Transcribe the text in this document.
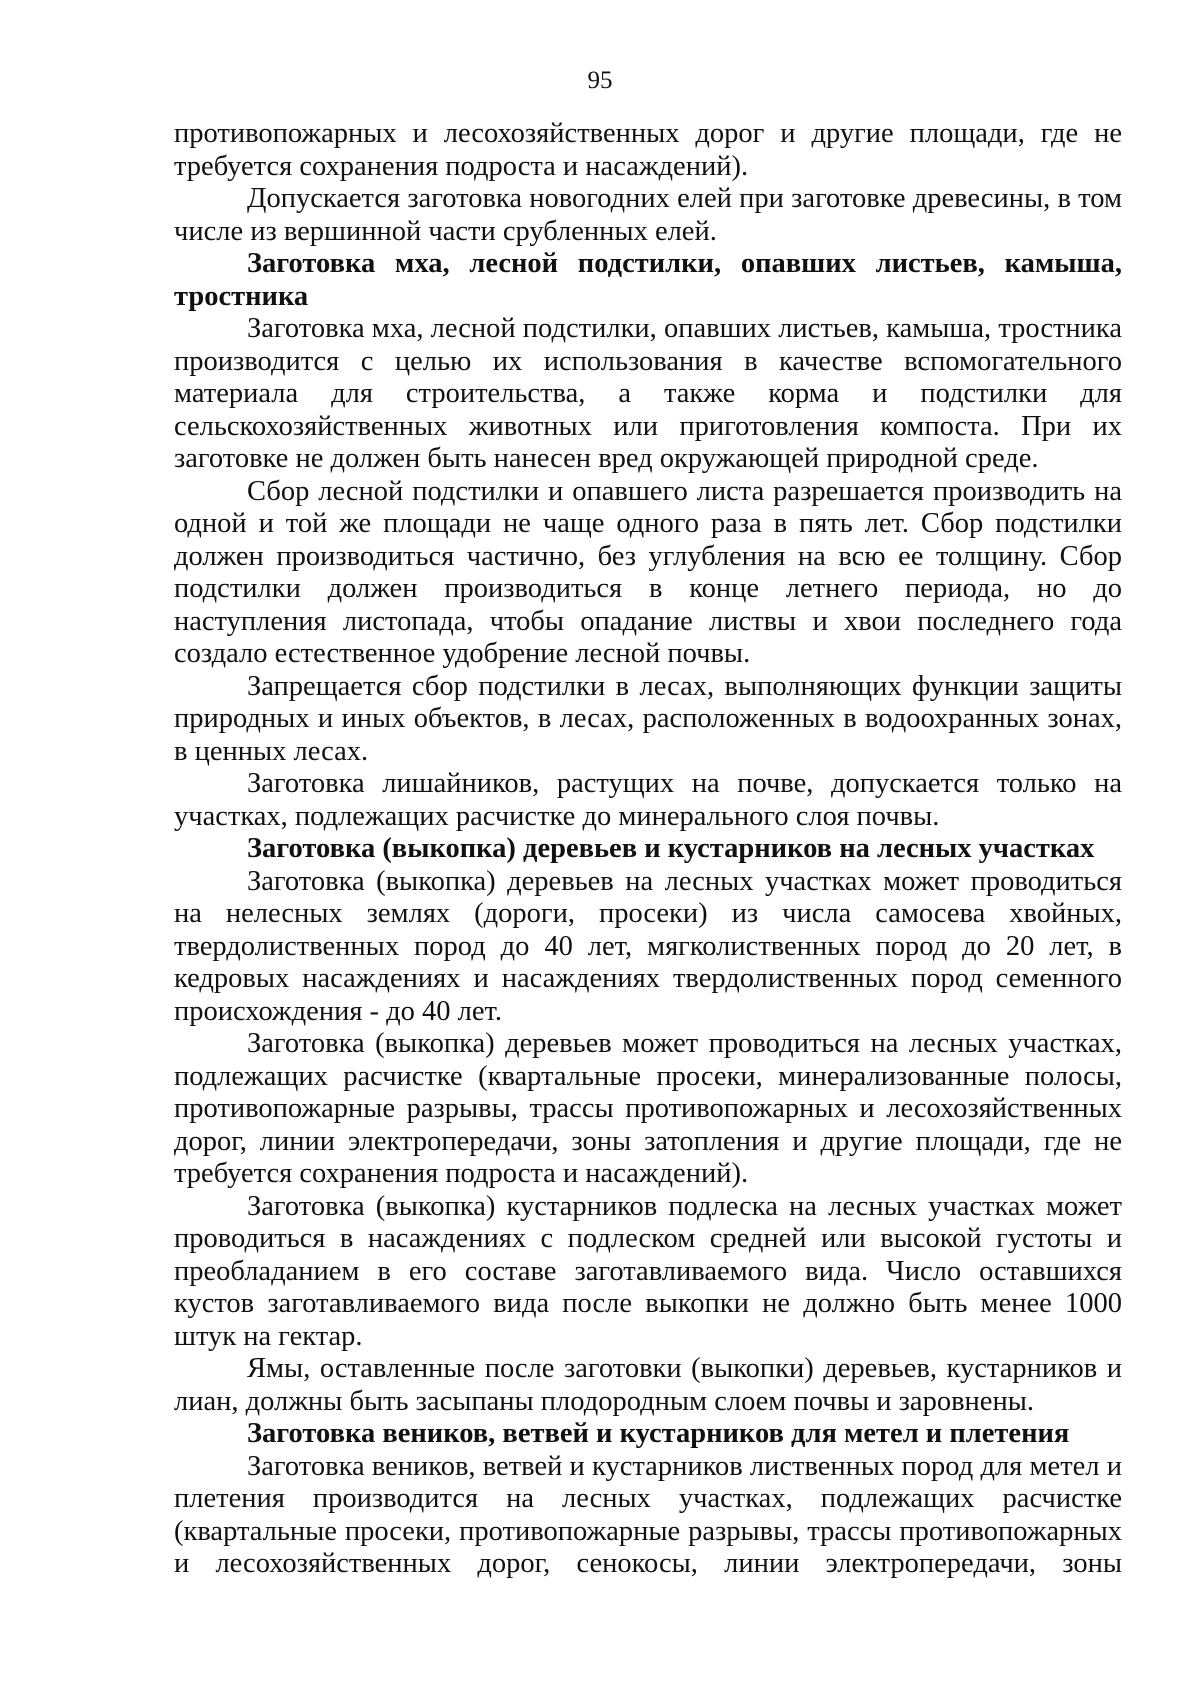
95

противопожарных и лесохозяйственных дорог и другие площади, где не требуется сохранения подроста и насаждений).

Допускается заготовка новогодних елей при заготовке древесины, в том числе из вершинной части срубленных елей.

Заготовка мха, лесной подстилки, опавших листьев, камыша, тростника

Заготовка мха, лесной подстилки, опавших листьев, камыша, тростника производится с целью их использования в качестве вспомогательного материала для строительства, а также корма и подстилки для сельскохозяйственных животных или приготовления компоста. При их заготовке не должен быть нанесен вред окружающей природной среде.

Сбор лесной подстилки и опавшего листа разрешается производить на одной и той же площади не чаще одного раза в пять лет. Сбор подстилки должен производиться частично, без углубления на всю ее толщину. Сбор подстилки должен производиться в конце летнего периода, но до наступления листопада, чтобы опадание листвы и хвои последнего года создало естественное удобрение лесной почвы.

Запрещается сбор подстилки в лесах, выполняющих функции защиты природных и иных объектов, в лесах, расположенных в водоохранных зонах, в ценных лесах.

Заготовка лишайников, растущих на почве, допускается только на участках, подлежащих расчистке до минерального слоя почвы.

Заготовка (выкопка) деревьев и кустарников на лесных участках

Заготовка (выкопка) деревьев на лесных участках может проводиться на нелесных землях (дороги, просеки) из числа самосева хвойных, твердолиственных пород до 40 лет, мягколиственных пород до 20 лет, в кедровых насаждениях и насаждениях твердолиственных пород семенного происхождения - до 40 лет.

Заготовка (выкопка) деревьев может проводиться на лесных участках, подлежащих расчистке (квартальные просеки, минерализованные полосы, противопожарные разрывы, трассы противопожарных и лесохозяйственных дорог, линии электропередачи, зоны затопления и другие площади, где не требуется сохранения подроста и насаждений).

Заготовка (выкопка) кустарников подлеска на лесных участках может проводиться в насаждениях с подлеском средней или высокой густоты и преобладанием в его составе заготавливаемого вида. Число оставшихся кустов заготавливаемого вида после выкопки не должно быть менее 1000 штук на гектар.

Ямы, оставленные после заготовки (выкопки) деревьев, кустарников и лиан, должны быть засыпаны плодородным слоем почвы и заровнены.

Заготовка веников, ветвей и кустарников для метел и плетения

Заготовка веников, ветвей и кустарников лиственных пород для метел и плетения производится на лесных участках, подлежащих расчистке (квартальные просеки, противопожарные разрывы, трассы противопожарных и лесохозяйственных дорог, сенокосы, линии электропередачи, зоны
